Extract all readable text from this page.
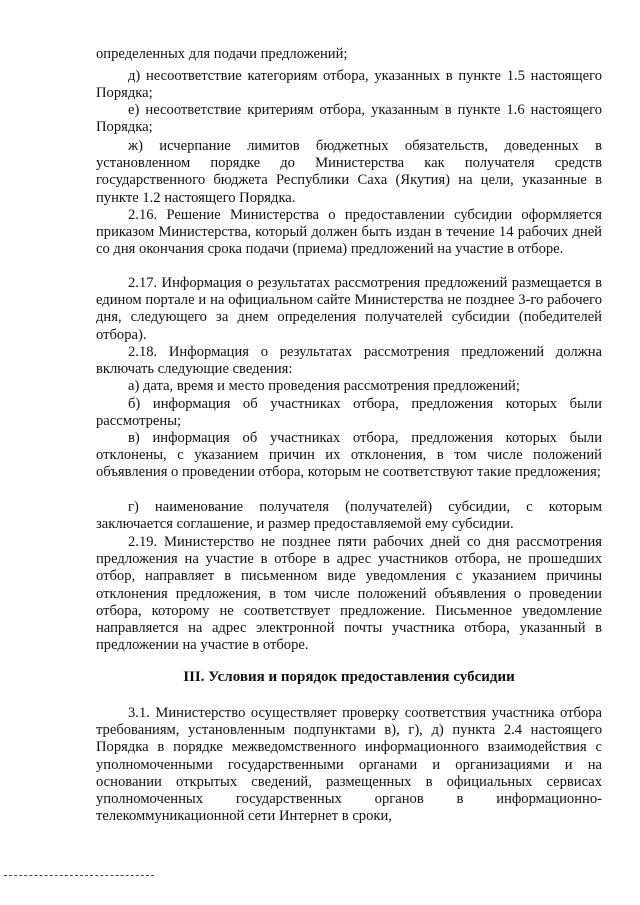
определенных для подачи предложений;

д) несоответствие категориям отбора, указанных в пункте 1.5 настоящего Порядка;

е) несоответствие критериям отбора, указанным в пункте 1.6 настоящего Порядка;

ж) исчерпание лимитов бюджетных обязательств, доведенных в установленном порядке до Министерства как получателя средств государственного бюджета Республики Саха (Якутия) на цели, указанные в пункте 1.2 настоящего Порядка.

2.16. Решение Министерства о предоставлении субсидии оформляется приказом Министерства, который должен быть издан в течение 14 рабочих дней со дня окончания срока подачи (приема) предложений на участие в отборе.

2.17. Информация о результатах рассмотрения предложений размещается в едином портале и на официальном сайте Министерства не позднее 3-го рабочего дня, следующего за днем определения получателей субсидии (победителей отбора).

2.18. Информация о результатах рассмотрения предложений должна включать следующие сведения:

а) дата, время и место проведения рассмотрения предложений;

б) информация об участниках отбора, предложения которых были рассмотрены;

в) информация об участниках отбора, предложения которых были отклонены, с указанием причин их отклонения, в том числе положений объявления о проведении отбора, которым не соответствуют такие предложения;

г) наименование получателя (получателей) субсидии, с которым заключается соглашение, и размер предоставляемой ему субсидии.

2.19. Министерство не позднее пяти рабочих дней со дня рассмотрения предложения на участие в отборе в адрес участников отбора, не прошедших отбор, направляет в письменном виде уведомления с указанием причины отклонения предложения, в том числе положений объявления о проведении отбора, которому не соответствует предложение. Письменное уведомление направляется на адрес электронной почты участника отбора, указанный в предложении на участие в отборе.

III. Условия и порядок предоставления субсидии

3.1. Министерство осуществляет проверку соответствия участника отбора требованиям, установленным подпунктами в), г), д) пункта 2.4 настоящего Порядка в порядке межведомственного информационного взаимодействия с уполномоченными государственными органами и организациями и на основании открытых сведений, размещенных в официальных сервисах уполномоченных государственных органов в информационно-телекоммуникационной сети Интернет в сроки,
